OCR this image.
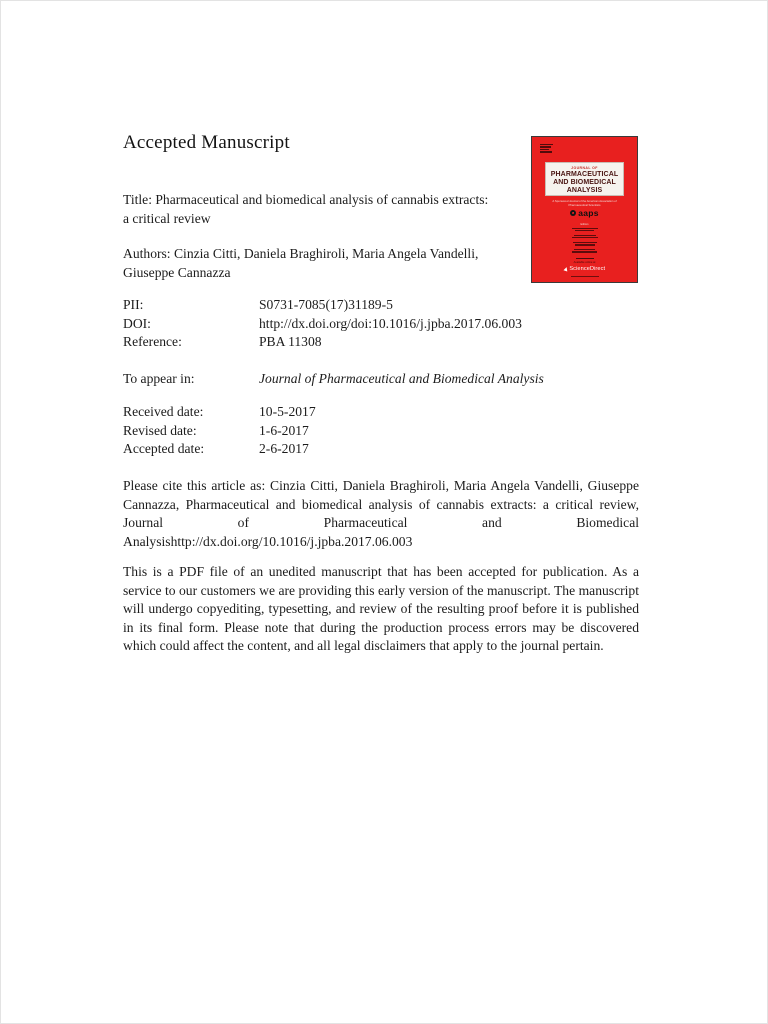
Accepted Manuscript
JOURNAL OF
PHARMACEUTICAL
AND BIOMEDICAL
ANALYSIS
A Sponsored Journal of the American Association of
Pharmaceutical Scientists
aaps
Editors
Available online at
ScienceDirect
Title: Pharmaceutical and biomedical analysis of cannabis extracts: a critical review
Authors: Cinzia Citti, Daniela Braghiroli, Maria Angela Vandelli, Giuseppe Cannazza
PII:	S0731-7085(17)31189-5
DOI:	http://dx.doi.org/doi:10.1016/j.jpba.2017.06.003
Reference:	PBA 11308
To appear in:	Journal of Pharmaceutical and Biomedical Analysis
Received date:	10-5-2017
Revised date:	1-6-2017
Accepted date:	2-6-2017
Please cite this article as: Cinzia Citti, Daniela Braghiroli, Maria Angela Vandelli, Giuseppe Cannazza, Pharmaceutical and biomedical analysis of cannabis extracts: a critical review, Journal of Pharmaceutical and Biomedical Analysishttp://dx.doi.org/10.1016/j.jpba.2017.06.003
This is a PDF file of an unedited manuscript that has been accepted for publication. As a service to our customers we are providing this early version of the manuscript. The manuscript will undergo copyediting, typesetting, and review of the resulting proof before it is published in its final form. Please note that during the production process errors may be discovered which could affect the content, and all legal disclaimers that apply to the journal pertain.
